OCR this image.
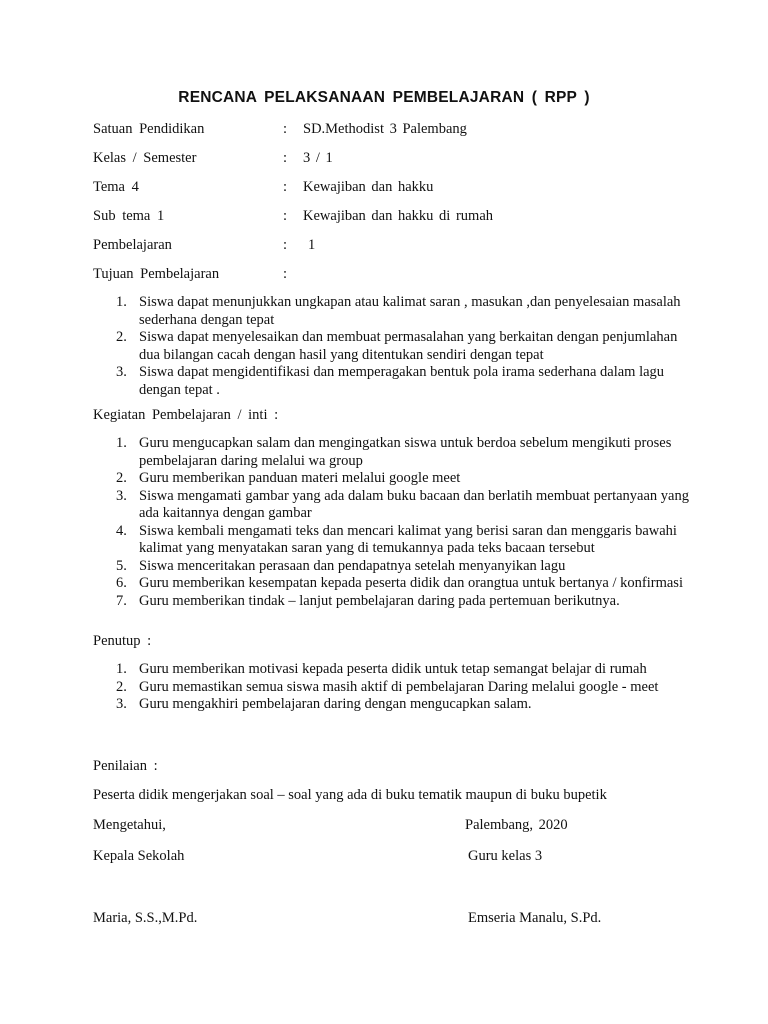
RENCANA PELAKSANAAN PEMBELAJARAN ( RPP )
Satuan Pendidikan	: SD.Methodist 3 Palembang
Kelas / Semester	: 3 / 1
Tema 4	: Kewajiban dan hakku
Sub tema 1	: Kewajiban dan hakku di rumah
Pembelajaran	: 1
Tujuan Pembelajaran	:
1. Siswa dapat menunjukkan ungkapan atau kalimat saran , masukan ,dan penyelesaian masalah sederhana dengan tepat
2. Siswa dapat menyelesaikan dan membuat permasalahan yang berkaitan dengan penjumlahan dua bilangan cacah dengan hasil yang ditentukan sendiri dengan tepat
3. Siswa dapat mengidentifikasi dan memperagakan bentuk pola irama sederhana dalam lagu dengan tepat .
Kegiatan Pembelajaran / inti :
1. Guru mengucapkan salam dan mengingatkan siswa untuk berdoa sebelum mengikuti proses pembelajaran daring melalui wa group
2. Guru memberikan panduan materi melalui google meet
3. Siswa mengamati gambar yang ada dalam buku bacaan dan berlatih membuat pertanyaan yang ada kaitannya dengan gambar
4. Siswa kembali mengamati teks dan mencari kalimat yang berisi saran dan menggaris bawahi kalimat yang menyatakan saran yang di temukannya pada teks bacaan tersebut
5. Siswa menceritakan perasaan dan pendapatnya setelah menyanyikan lagu
6. Guru memberikan kesempatan kepada peserta didik dan orangtua untuk bertanya / konfirmasi
7. Guru memberikan tindak – lanjut pembelajaran daring pada pertemuan berikutnya.
Penutup :
1. Guru memberikan motivasi kepada peserta didik untuk tetap semangat belajar di rumah
2. Guru memastikan semua siswa masih aktif di pembelajaran Daring melalui google - meet
3. Guru mengakhiri pembelajaran daring dengan mengucapkan salam.
Penilaian :
Peserta didik mengerjakan soal – soal yang ada di buku tematik maupun di buku bupetik
Mengetahui,	Palembang, 2020
Kepala Sekolah	Guru kelas 3
Maria, S.S.,M.Pd.	Emseria Manalu, S.Pd.
